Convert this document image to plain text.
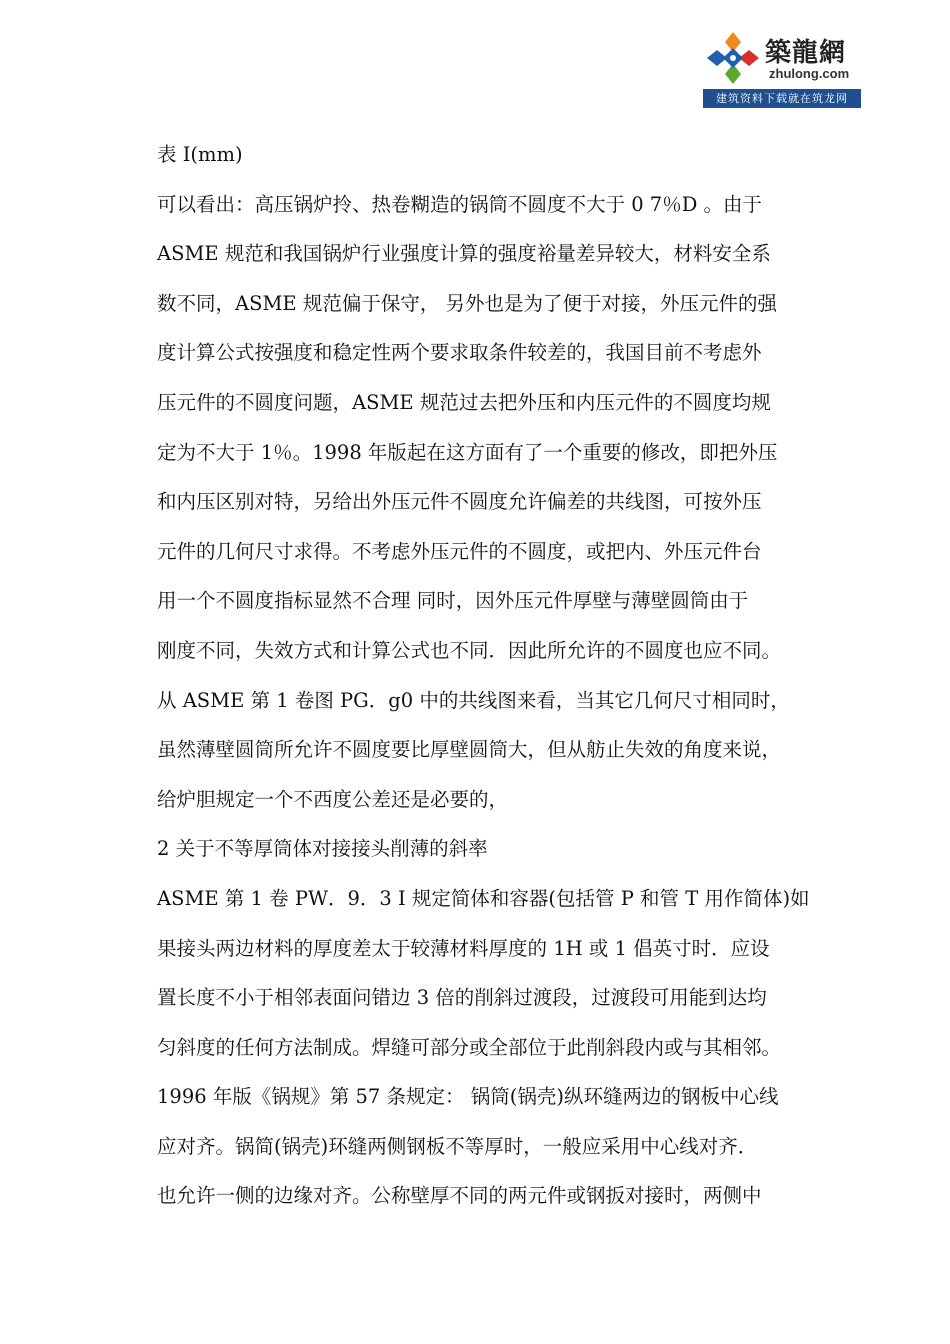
築龍網
zhulong.com
建筑资料下载就在筑龙网
表 I(mm)
可以看出：高压锅炉拎、热卷糊造的锅筒不圆度不大于 0 7％D 。由于
ASME 规范和我国锅炉行业强度计算的强度裕量差异较大，材料安全系
数不同，ASME 规范偏于保守， 另外也是为了便于对接，外压元件的强
度计算公式按强度和稳定性两个要求取条件较差的，我国目前不考虑外
压元件的不圆度问题，ASME 规范过去把外压和内压元件的不圆度均规
定为不大于 1％。1998 年版起在这方面有了一个重要的修改，即把外压
和内压区别对特，另给出外压元件不圆度允许偏差的共线图，可按外压
元件的几何尺寸求得。不考虑外压元件的不圆度，或把内、外压元件台
用一个不圆度指标显然不合理 同时，因外压元件厚壁与薄壁圆筒由于
刚度不同，失效方式和计算公式也不同．因此所允许的不圆度也应不同。
从 ASME 第 1 卷图 PG．g0 中的共线图来看，当其它几何尺寸相同时，
虽然薄壁圆筒所允许不圆度要比厚壁圆筒大，但从舫止失效的角度来说，
给炉胆规定一个不西度公差还是必要的，
2 关于不等厚筒体对接接头削薄的斜率
ASME 第 1 卷 PW．9．3 I 规定简体和容器(包括管 P 和管 T 用作简体)如
果接头两边材料的厚度差太于较薄材料厚度的 1H 或 1 倡英寸时．应设
置长度不小于相邻表面问错边 3 倍的削斜过渡段，过渡段可用能到达均
匀斜度的任何方法制成。焊缝可部分或全部位于此削斜段内或与其相邻。
1996 年版《锅规》第 57 条规定： 锅筒(锅壳)纵环缝两边的钢板中心线
应对齐。锅简(锅壳)环缝两侧钢板不等厚时，一般应采用中心线对齐．
也允许一侧的边缘对齐。公称壁厚不同的两元件或钢扳对接时，两侧中
